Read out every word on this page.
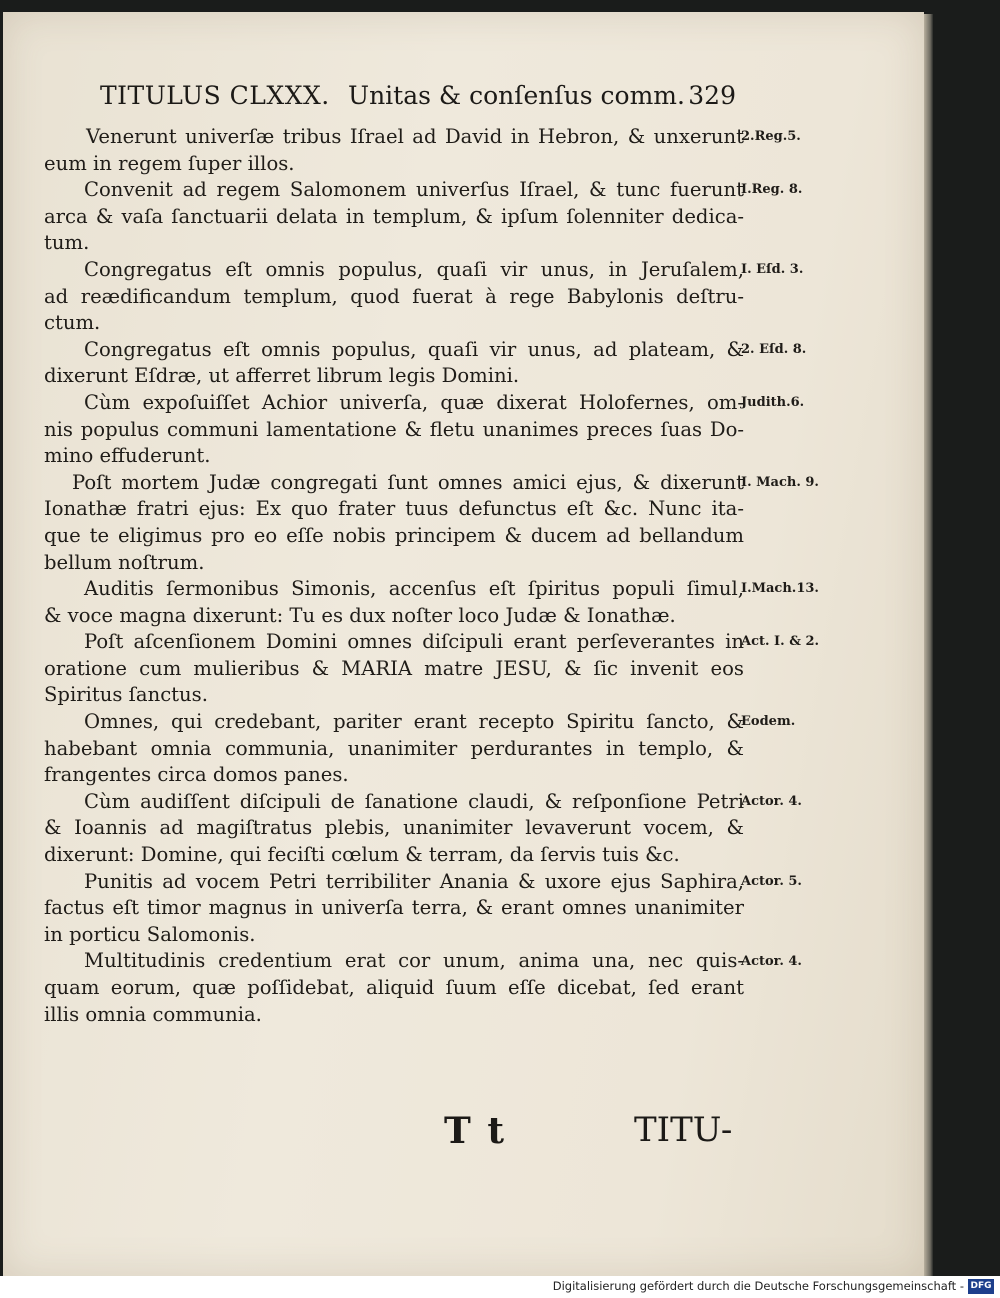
TITULUS CLXXX. Unitas & conſenſus comm. 329
Venerunt univerſæ tribus Iſrael ad David in Hebron, & unxerunt
eum in regem ſuper illos.
Convenit ad regem Salomonem univerſus Iſrael, & tunc fuerunt
arca & vaſa ſanctuarii delata in templum, & ipſum ſolenniter dedica-
tum.
Congregatus eſt omnis populus, quaſi vir unus, in Jeruſalem,
ad reædificandum templum, quod fuerat à rege Babylonis deſtru-
ctum.
Congregatus eſt omnis populus, quaſi vir unus, ad plateam, &
dixerunt Eſdræ, ut afferret librum legis Domini.
Cùm expoſuiſſet Achior univerſa, quæ dixerat Holofernes, om-
nis populus communi lamentatione & fletu unanimes preces ſuas Do-
mino effuderunt.
Poſt mortem Judæ congregati ſunt omnes amici ejus, & dixerunt
Ionathæ fratri ejus: Ex quo frater tuus defunctus eſt &c. Nunc ita-
que te eligimus pro eo eſſe nobis principem & ducem ad bellandum
bellum noſtrum.
Auditis ſermonibus Simonis, accenſus eſt ſpiritus populi ſimul,
& voce magna dixerunt: Tu es dux noſter loco Judæ & Ionathæ.
Poſt aſcenſionem Domini omnes diſcipuli erant perſeverantes in
oratione cum mulieribus & MARIA matre JESU, & ſic invenit eos
Spiritus ſanctus.
Omnes, qui credebant, pariter erant recepto Spiritu ſancto, &
habebant omnia communia, unanimiter perdurantes in templo, &
frangentes circa domos panes.
Cùm audiſſent diſcipuli de ſanatione claudi, & reſponſione Petri
& Ioannis ad magiſtratus plebis, unanimiter levaverunt vocem, &
dixerunt: Domine, qui feciſti cœlum & terram, da ſervis tuis &c.
Punitis ad vocem Petri terribiliter Anania & uxore ejus Saphira,
factus eſt timor magnus in univerſa terra, & erant omnes unanimiter
in porticu Salomonis.
Multitudinis credentium erat cor unum, anima una, nec quis-
quam eorum, quæ poſſidebat, aliquid ſuum eſſe dicebat, ſed erant
illis omnia communia.
2.Reg.5.
I.Reg. 8.
I. Eſd. 3.
2. Eſd. 8.
Judith.6.
I. Mach. 9.
I.Mach.13.
Act. I. & 2.
Eodem.
Actor. 4.
Actor. 5.
Actor. 4.
T t	TITU-
Digitalisierung gefördert durch die Deutsche Forschungsgemeinschaft - DFG
